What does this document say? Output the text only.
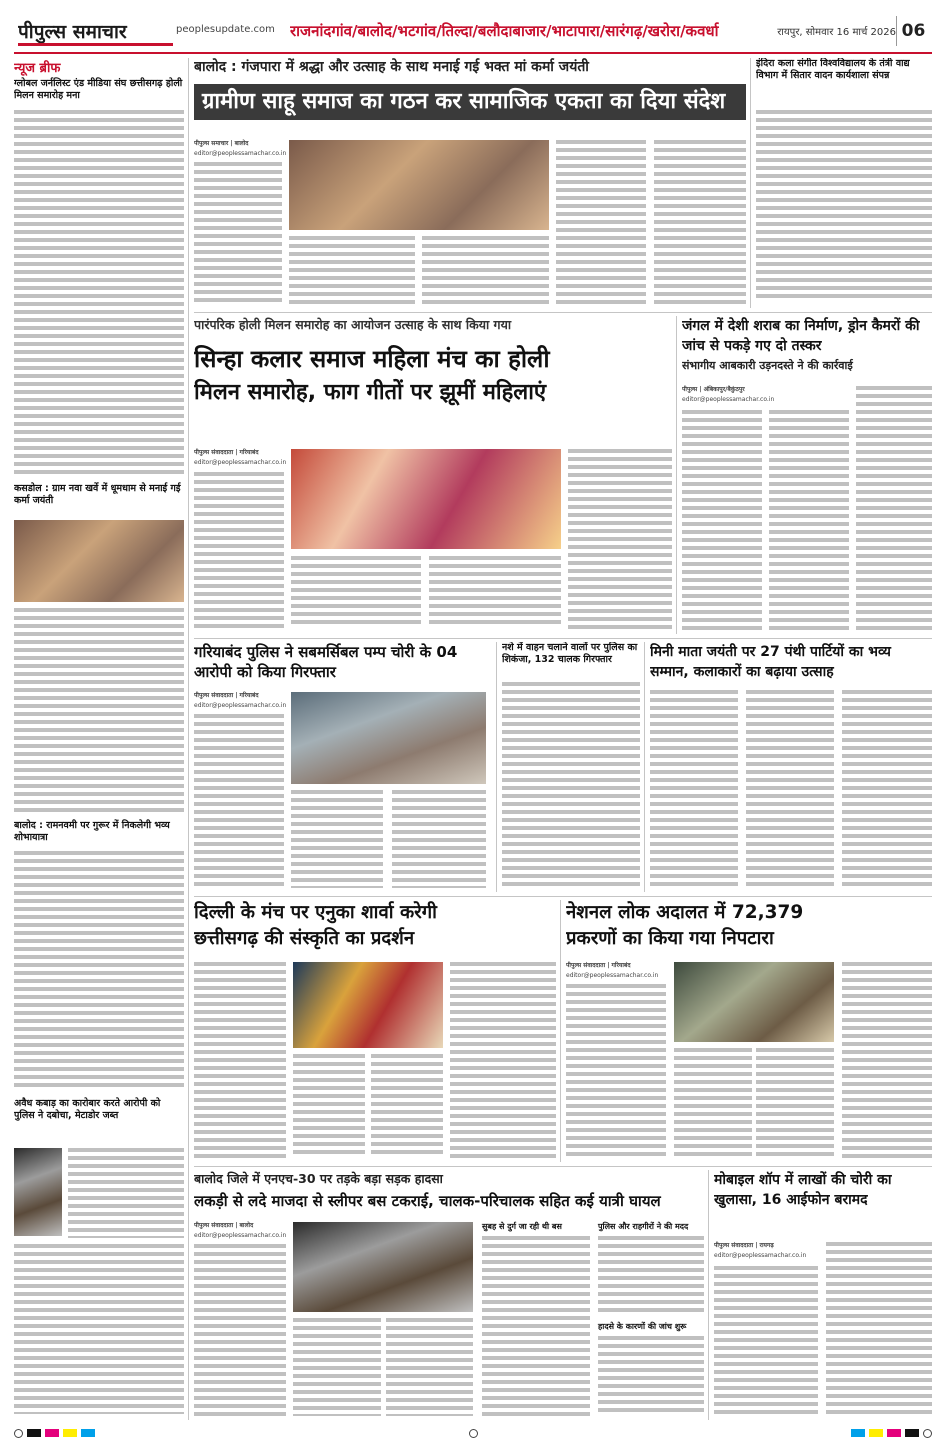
पीपुल्स समाचार	peoplesupdate.com	राजनांदगांव/बालोद/भटगांव/तिल्दा/बलौदाबाजार/भाटापारा/सारंगढ़/खरोरा/कवर्धा	रायपुर, सोमवार 16 मार्च 2026 06
न्यूज ब्रीफ
ग्लोबल जर्नलिस्ट एंड मीडिया संघ छत्तीसगढ़ होली मिलन समारोह मना
कसडोल : ग्राम नवा खर्वे में धूमधाम से मनाई गई कर्मा जयंती
बालोद : रामनवमी पर गुरूर में निकलेगी भव्य शोभायात्रा
अवैध कबाड़ का कारोबार करते आरोपी को पुलिस ने दबोचा, मेटाडोर जब्त
बालोद : गंजपारा में श्रद्धा और उत्साह के साथ मनाई गई भक्त मां कर्मा जयंती
ग्रामीण साहू समाज का गठन कर सामाजिक एकता का दिया संदेश
पीपुल्स समाचार | बालोद
editor@peoplessamachar.co.in
इंदिरा कला संगीत विश्वविद्यालय के तंत्री वाद्य विभाग में सितार वादन कार्यशाला संपन्न
पारंपरिक होली मिलन समारोह का आयोजन उत्साह के साथ किया गया
सिन्हा कलार समाज महिला मंच का होली
मिलन समारोह, फाग गीतों पर झूमीं महिलाएं
पीपुल्स संवाददाता | गरियाबंद
editor@peoplessamachar.co.in
जंगल में देशी शराब का निर्माण, ड्रोन कैमरों की जांच से पकड़े गए दो तस्कर
संभागीय आबकारी उड़नदस्ते ने की कार्रवाई
पीपुल्स | अंबिकापुर/बैकुंठपुर
editor@peoplessamachar.co.in
गरियाबंद पुलिस ने सबमर्सिबल पम्प चोरी के 04 आरोपी को किया गिरफ्तार
पीपुल्स संवाददाता | गरियाबंद
editor@peoplessamachar.co.in
नशे में वाहन चलाने वालों पर पुलिस का शिकंजा, 132 चालक गिरफ्तार	मिनी माता जयंती पर 27 पंथी पार्टियों का भव्य सम्मान, कलाकारों का बढ़ाया उत्साह
दिल्ली के मंच पर एनुका शार्वा करेगी
छत्तीसगढ़ की संस्कृति का प्रदर्शन
नेशनल लोक अदालत में 72,379
प्रकरणों का किया गया निपटारा
पीपुल्स संवाददाता | गरियाबंद
editor@peoplessamachar.co.in
बालोद जिले में एनएच-30 पर तड़के बड़ा सड़क हादसा
लकड़ी से लदे माजदा से स्लीपर बस टकराई, चालक-परिचालक सहित कई यात्री घायल
पीपुल्स संवाददाता | बालोद
editor@peoplessamachar.co.in
सुबह से दुर्ग जा रही थी बस	पुलिस और राहगीरों ने की मदद
हादसे के कारणों की जांच शुरू
मोबाइल शॉप में लाखों की चोरी का खुलासा, 16 आईफोन बरामद
पीपुल्स संवाददाता | रायगढ़
editor@peoplessamachar.co.in
